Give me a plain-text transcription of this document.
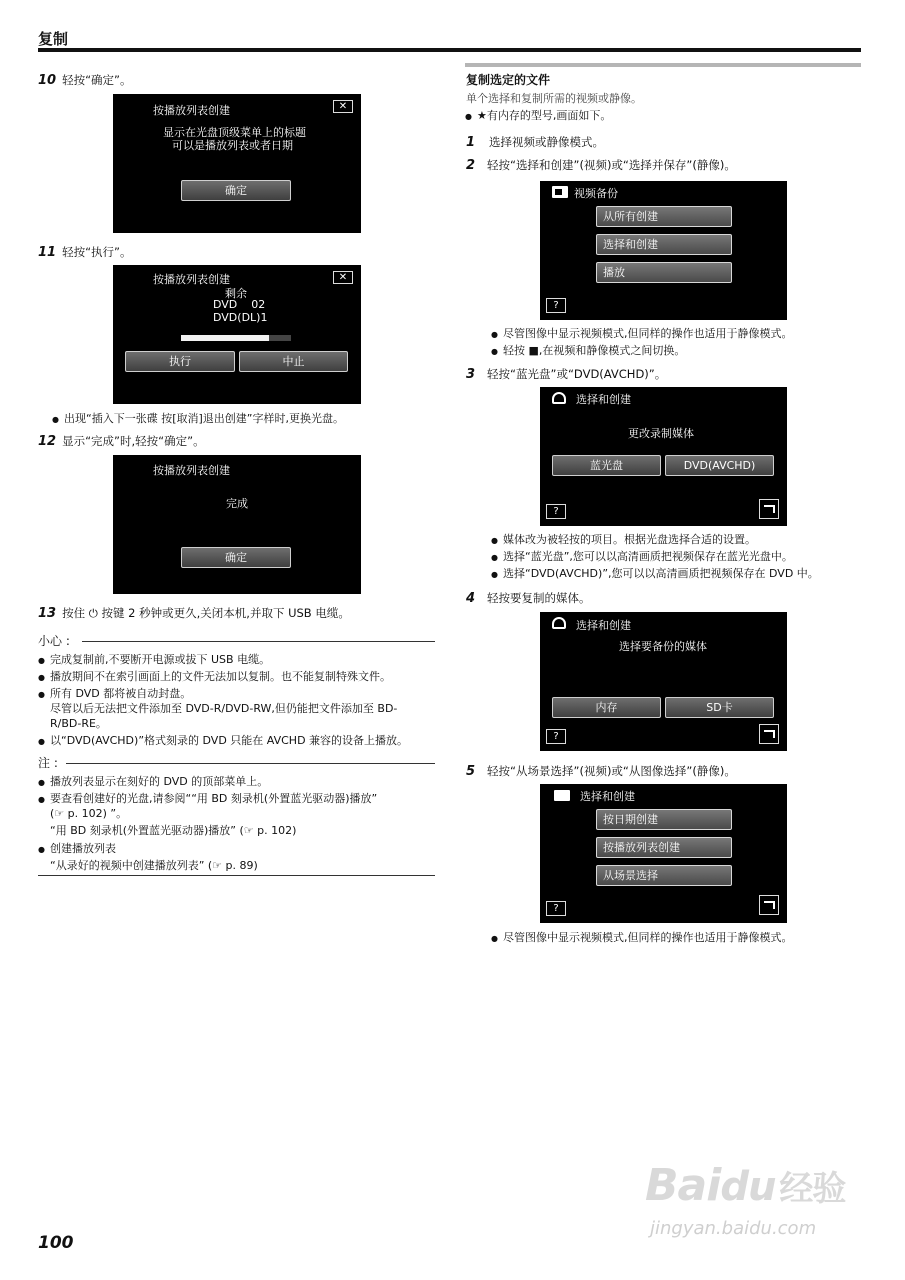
复制
10 轻按“确定”。
按播放列表创建	✕
显示在光盘顶级菜单上的标题
可以是播放列表或者日期
确定
11 轻按“执行”。
按播放列表创建	✕
剩余
DVD    02
DVD(DL)1
执行	中止
● 出现“插入下一张碟 按[取消]退出创建”字样时,更换光盘。
12 显示“完成”时,轻按“确定”。
按播放列表创建
完成
确定
13 按住 ⏻ 按键 2 秒钟或更久,关闭本机,并取下 USB 电缆。
小心 :
● 完成复制前,不要断开电源或拔下 USB 电缆。
● 播放期间不在索引画面上的文件无法加以复制。也不能复制特殊文件。
● 所有 DVD 都将被自动封盘。
尽管以后无法把文件添加至 DVD-R/DVD-RW,但仍能把文件添加至 BD-
R/BD-RE。
● 以“DVD(AVCHD)”格式刻录的 DVD 只能在 AVCHD 兼容的设备上播放。
注 :
● 播放列表显示在刻好的 DVD 的顶部菜单上。
● 要查看创建好的光盘,请参阅““用 BD 刻录机(外置蓝光驱动器)播放”
(☞ p. 102) ”。
“用 BD 刻录机(外置蓝光驱动器)播放” (☞ p. 102)
● 创建播放列表
“从录好的视频中创建播放列表” (☞ p. 89)
复制选定的文件
单个选择和复制所需的视频或静像。
● ★有内存的型号,画面如下。
1 选择视频或静像模式。
2 轻按“选择和创建”(视频)或“选择并保存”(静像)。
视频备份
从所有创建
选择和创建
播放
?
● 尽管图像中显示视频模式,但同样的操作也适用于静像模式。
● 轻按 ■,在视频和静像模式之间切换。
3 轻按“蓝光盘”或“DVD(AVCHD)”。
选择和创建
更改录制媒体
蓝光盘	DVD(AVCHD)
?
● 媒体改为被轻按的项目。根据光盘选择合适的设置。
● 选择“蓝光盘”,您可以以高清画质把视频保存在蓝光光盘中。
● 选择“DVD(AVCHD)”,您可以以高清画质把视频保存在 DVD 中。
4 轻按要复制的媒体。
选择和创建
选择要备份的媒体
内存	SD卡
?
5 轻按“从场景选择”(视频)或“从图像选择”(静像)。
选择和创建
按日期创建
按播放列表创建
从场景选择
?
● 尽管图像中显示视频模式,但同样的操作也适用于静像模式。
100
Baidu 经验
jingyan.baidu.com
